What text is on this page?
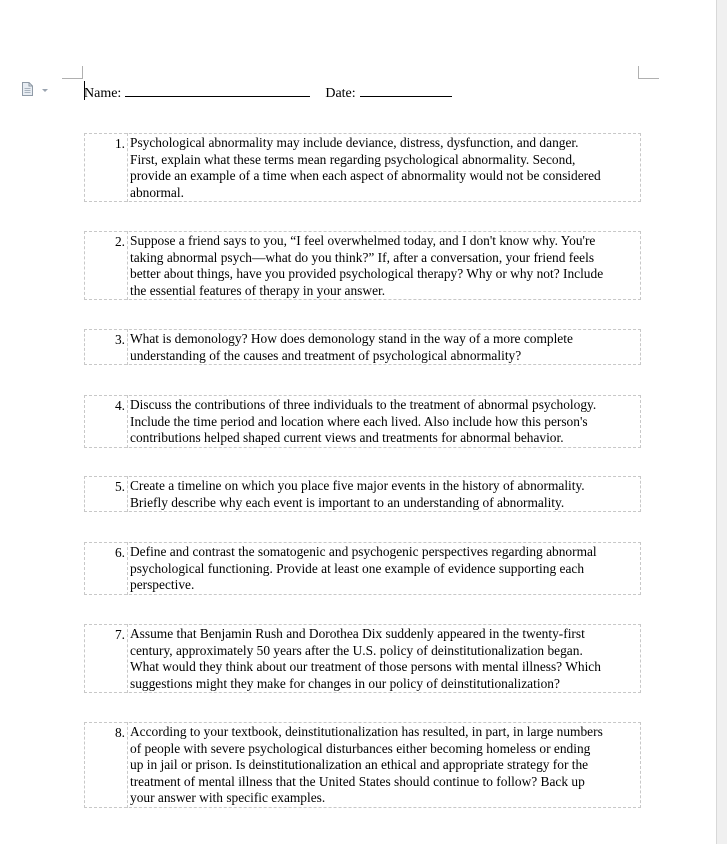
Name:	Date:
1. Psychological abnormality may include deviance, distress, dysfunction, and danger.
First, explain what these terms mean regarding psychological abnormality. Second,
provide an example of a time when each aspect of abnormality would not be considered
abnormal.
2. Suppose a friend says to you, “I feel overwhelmed today, and I don't know why. You're
taking abnormal psych—what do you think?” If, after a conversation, your friend feels
better about things, have you provided psychological therapy? Why or why not? Include
the essential features of therapy in your answer.
3. What is demonology? How does demonology stand in the way of a more complete
understanding of the causes and treatment of psychological abnormality?
4. Discuss the contributions of three individuals to the treatment of abnormal psychology.
Include the time period and location where each lived. Also include how this person's
contributions helped shaped current views and treatments for abnormal behavior.
5. Create a timeline on which you place five major events in the history of abnormality.
Briefly describe why each event is important to an understanding of abnormality.
6. Define and contrast the somatogenic and psychogenic perspectives regarding abnormal
psychological functioning. Provide at least one example of evidence supporting each
perspective.
7. Assume that Benjamin Rush and Dorothea Dix suddenly appeared in the twenty-first
century, approximately 50 years after the U.S. policy of deinstitutionalization began.
What would they think about our treatment of those persons with mental illness? Which
suggestions might they make for changes in our policy of deinstitutionalization?
8. According to your textbook, deinstitutionalization has resulted, in part, in large numbers
of people with severe psychological disturbances either becoming homeless or ending
up in jail or prison. Is deinstitutionalization an ethical and appropriate strategy for the
treatment of mental illness that the United States should continue to follow? Back up
your answer with specific examples.
